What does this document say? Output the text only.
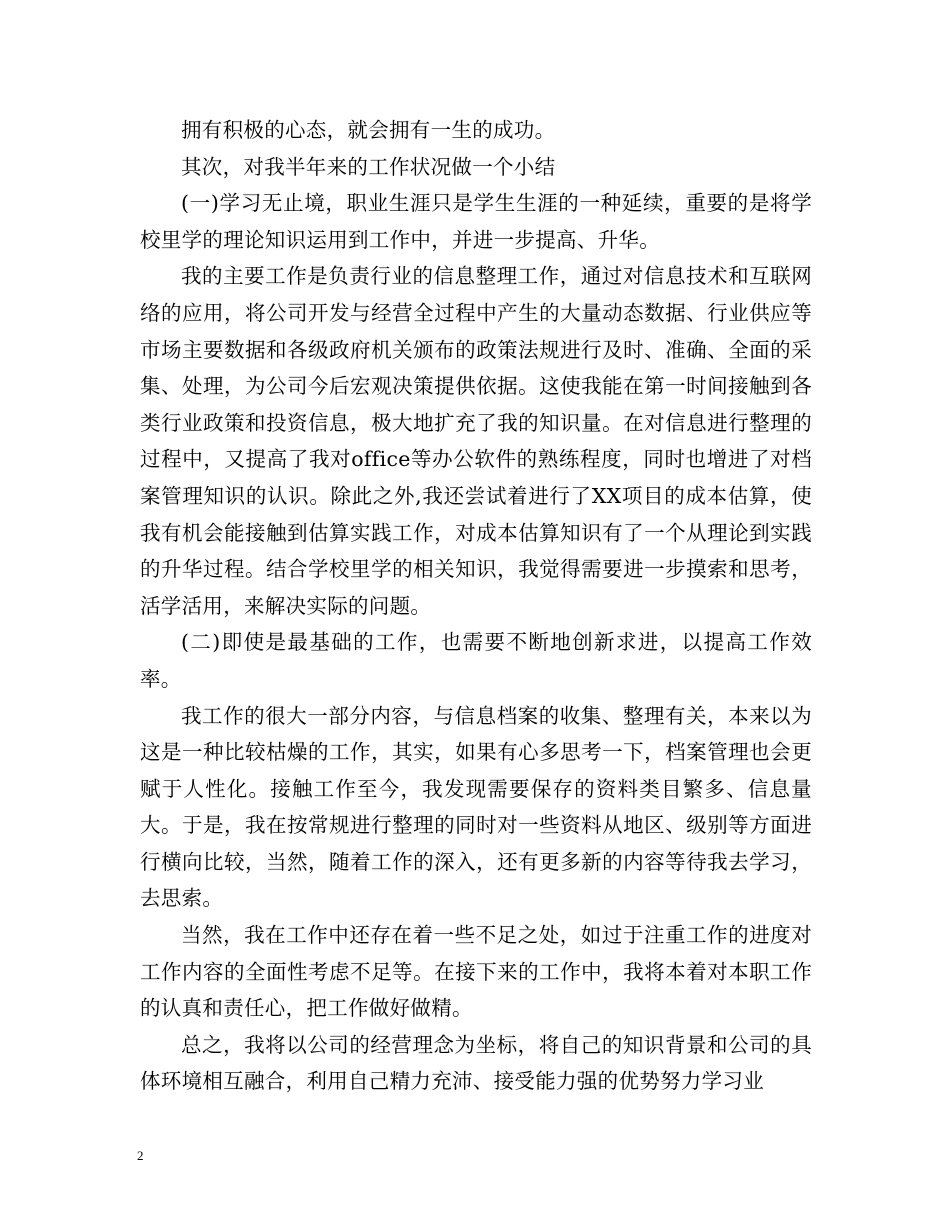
拥有积极的心态，就会拥有一生的成功。

其次，对我半年来的工作状况做一个小结

(一)学习无止境，职业生涯只是学生生涯的一种延续，重要的是将学校里学的理论知识运用到工作中，并进一步提高、升华。

我的主要工作是负责行业的信息整理工作，通过对信息技术和互联网络的应用，将公司开发与经营全过程中产生的大量动态数据、行业供应等市场主要数据和各级政府机关颁布的政策法规进行及时、准确、全面的采集、处理，为公司今后宏观决策提供依据。这使我能在第一时间接触到各类行业政策和投资信息，极大地扩充了我的知识量。在对信息进行整理的过程中，又提高了我对office等办公软件的熟练程度，同时也增进了对档案管理知识的认识。除此之外,我还尝试着进行了XX项目的成本估算，使我有机会能接触到估算实践工作，对成本估算知识有了一个从理论到实践的升华过程。结合学校里学的相关知识，我觉得需要进一步摸索和思考，活学活用，来解决实际的问题。

(二)即使是最基础的工作，也需要不断地创新求进，以提高工作效率。

我工作的很大一部分内容，与信息档案的收集、整理有关，本来以为这是一种比较枯燥的工作，其实，如果有心多思考一下，档案管理也会更赋于人性化。接触工作至今，我发现需要保存的资料类目繁多、信息量大。于是，我在按常规进行整理的同时对一些资料从地区、级别等方面进行横向比较，当然，随着工作的深入，还有更多新的内容等待我去学习，去思索。

当然，我在工作中还存在着一些不足之处，如过于注重工作的进度对工作内容的全面性考虑不足等。在接下来的工作中，我将本着对本职工作的认真和责任心，把工作做好做精。

总之，我将以公司的经营理念为坐标，将自己的知识背景和公司的具体环境相互融合，利用自己精力充沛、接受能力强的优势努力学习业

2
